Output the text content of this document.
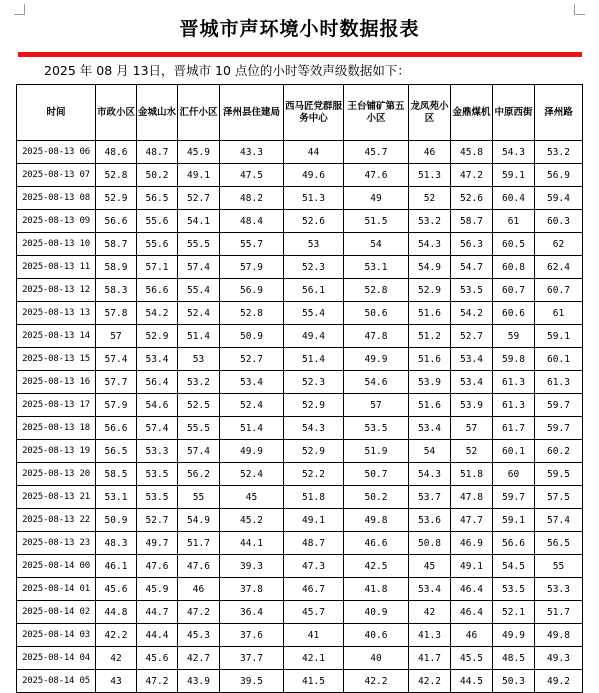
晋城市声环境小时数据报表
2025 年 08 月 13日，晋城市 10 点位的小时等效声级数据如下：
时间	市政小区	金城山水	汇仟小区	泽州县住建局	西马匠党群服务中心	王台铺矿第五小区	龙凤苑小区	金鼎煤机	中原西街	泽州路
2025-08-13 06	48.6	48.7	45.9	43.3	44	45.7	46	45.8	54.3	53.2
2025-08-13 07	52.8	50.2	49.1	47.5	49.6	47.6	51.3	47.2	59.1	56.9
2025-08-13 08	52.9	56.5	52.7	48.2	51.3	49	52	52.6	60.4	59.4
2025-08-13 09	56.6	55.6	54.1	48.4	52.6	51.5	53.2	58.7	61	60.3
2025-08-13 10	58.7	55.6	55.5	55.7	53	54	54.3	56.3	60.5	62
2025-08-13 11	58.9	57.1	57.4	57.9	52.3	53.1	54.9	54.7	60.8	62.4
2025-08-13 12	58.3	56.6	55.4	56.9	56.1	52.8	52.9	53.5	60.7	60.7
2025-08-13 13	57.8	54.2	52.4	52.8	55.4	50.6	51.6	54.2	60.6	61
2025-08-13 14	57	52.9	51.4	50.9	49.4	47.8	51.2	52.7	59	59.1
2025-08-13 15	57.4	53.4	53	52.7	51.4	49.9	51.6	53.4	59.8	60.1
2025-08-13 16	57.7	56.4	53.2	53.4	52.3	54.6	53.9	53.4	61.3	61.3
2025-08-13 17	57.9	54.6	52.5	52.4	52.9	57	51.6	53.9	61.3	59.7
2025-08-13 18	56.6	57.4	55.5	51.4	54.3	53.5	53.4	57	61.7	59.7
2025-08-13 19	56.5	53.3	57.4	49.9	52.9	51.9	54	52	60.1	60.2
2025-08-13 20	58.5	53.5	56.2	52.4	52.2	50.7	54.3	51.8	60	59.5
2025-08-13 21	53.1	53.5	55	45	51.8	50.2	53.7	47.8	59.7	57.5
2025-08-13 22	50.9	52.7	54.9	45.2	49.1	49.8	53.6	47.7	59.1	57.4
2025-08-13 23	48.3	49.7	51.7	44.1	48.7	46.6	50.8	46.9	56.6	56.5
2025-08-14 00	46.1	47.6	47.6	39.3	47.3	42.5	45	49.1	54.5	55
2025-08-14 01	45.6	45.9	46	37.8	46.7	41.8	53.4	46.4	53.5	53.3
2025-08-14 02	44.8	44.7	47.2	36.4	45.7	40.9	42	46.4	52.1	51.7
2025-08-14 03	42.2	44.4	45.3	37.6	41	40.6	41.3	46	49.9	49.8
2025-08-14 04	42	45.6	42.7	37.7	42.1	40	41.7	45.5	48.5	49.3
2025-08-14 05	43	47.2	43.9	39.5	41.5	42.2	42.2	44.5	50.3	49.2
